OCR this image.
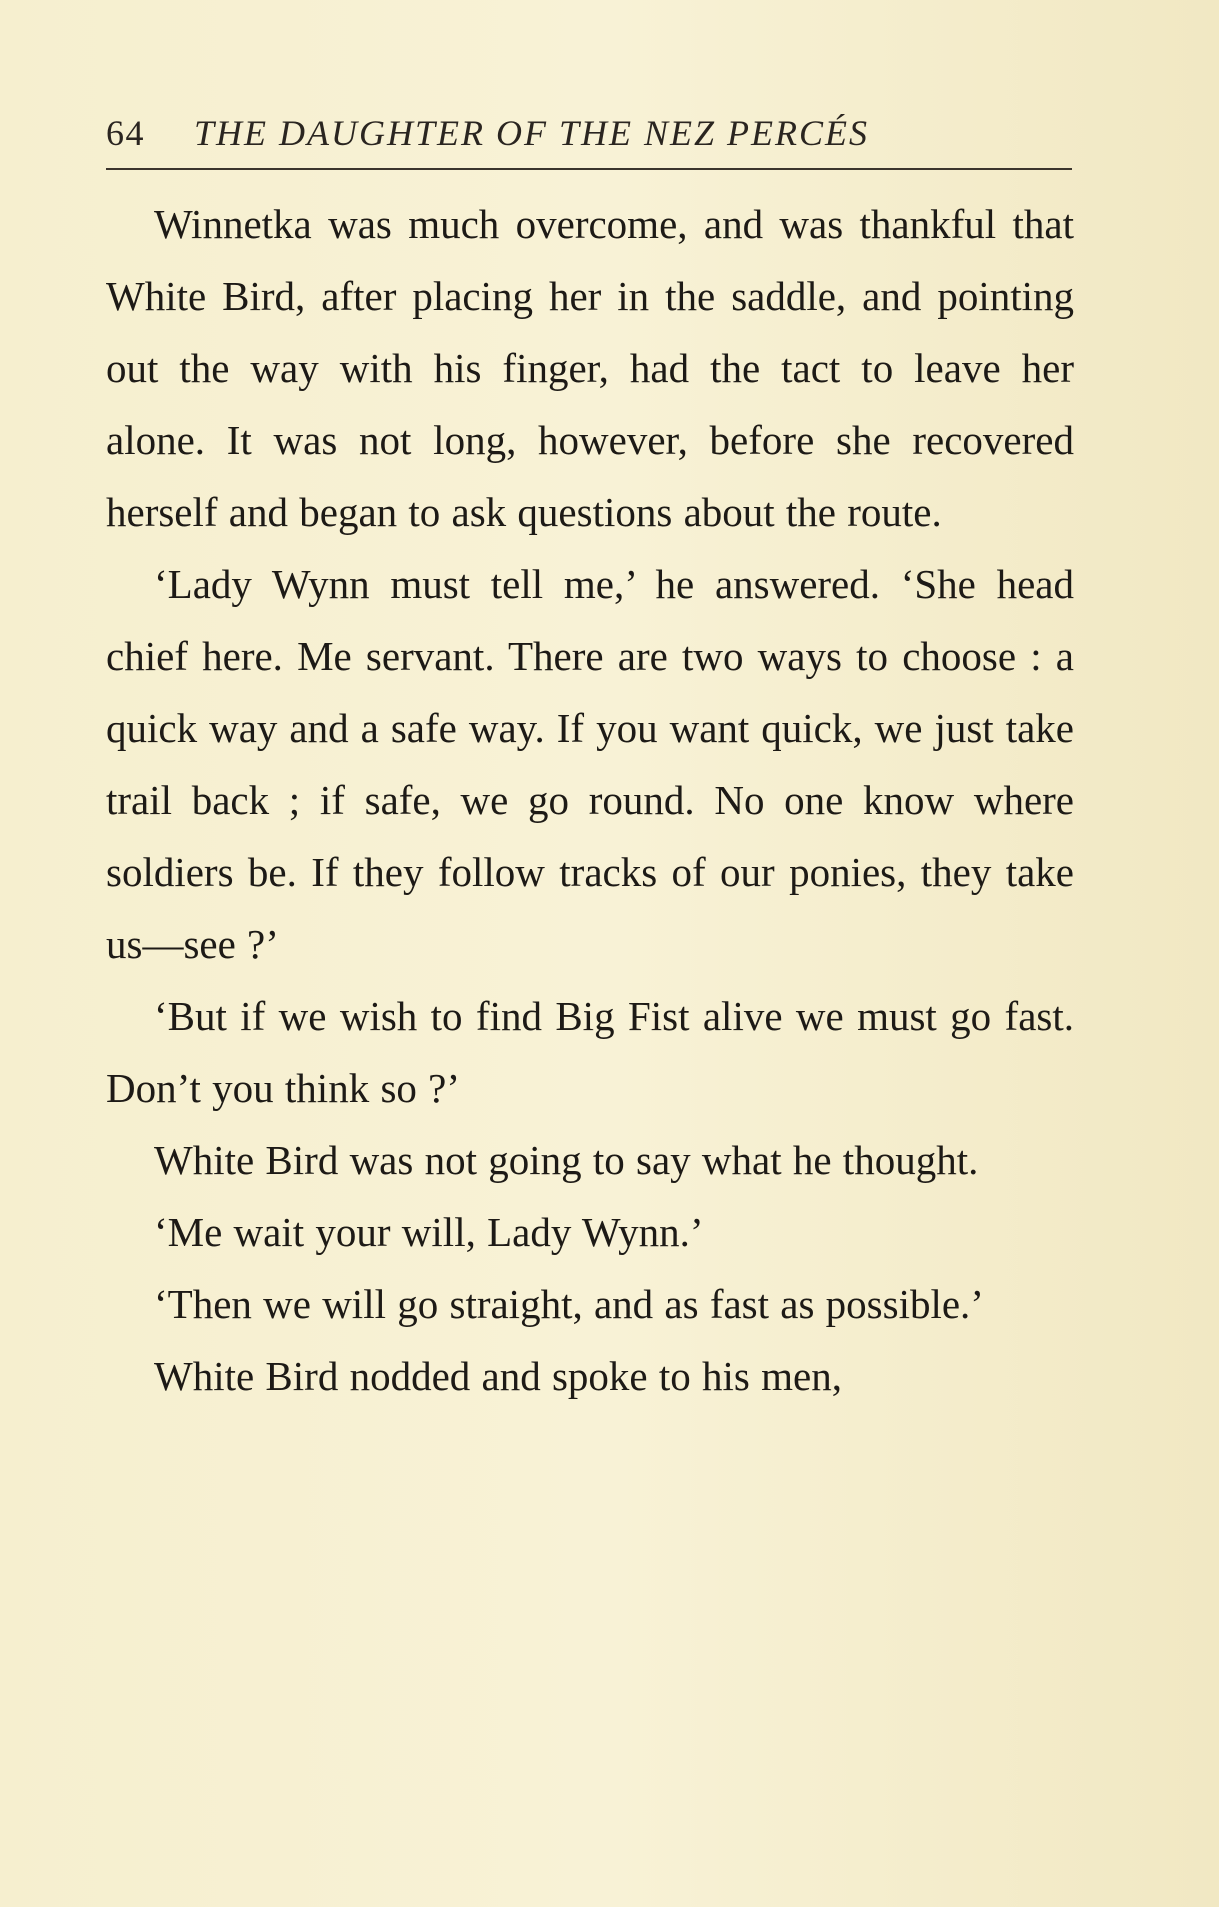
64	THE DAUGHTER OF THE NEZ PERCÉS

Winnetka was much overcome, and was thankful that White Bird, after placing her in the saddle, and pointing out the way with his finger, had the tact to leave her alone. It was not long, however, before she recovered herself and began to ask questions about the route.

‘Lady Wynn must tell me,’ he answered. ‘She head chief here. Me servant. There are two ways to choose : a quick way and a safe way. If you want quick, we just take trail back ; if safe, we go round. No one know where soldiers be. If they follow tracks of our ponies, they take us—see ?’

‘But if we wish to find Big Fist alive we must go fast. Don’t you think so ?’

White Bird was not going to say what he thought.

‘Me wait your will, Lady Wynn.’

‘Then we will go straight, and as fast as possible.’

White Bird nodded and spoke to his men,
